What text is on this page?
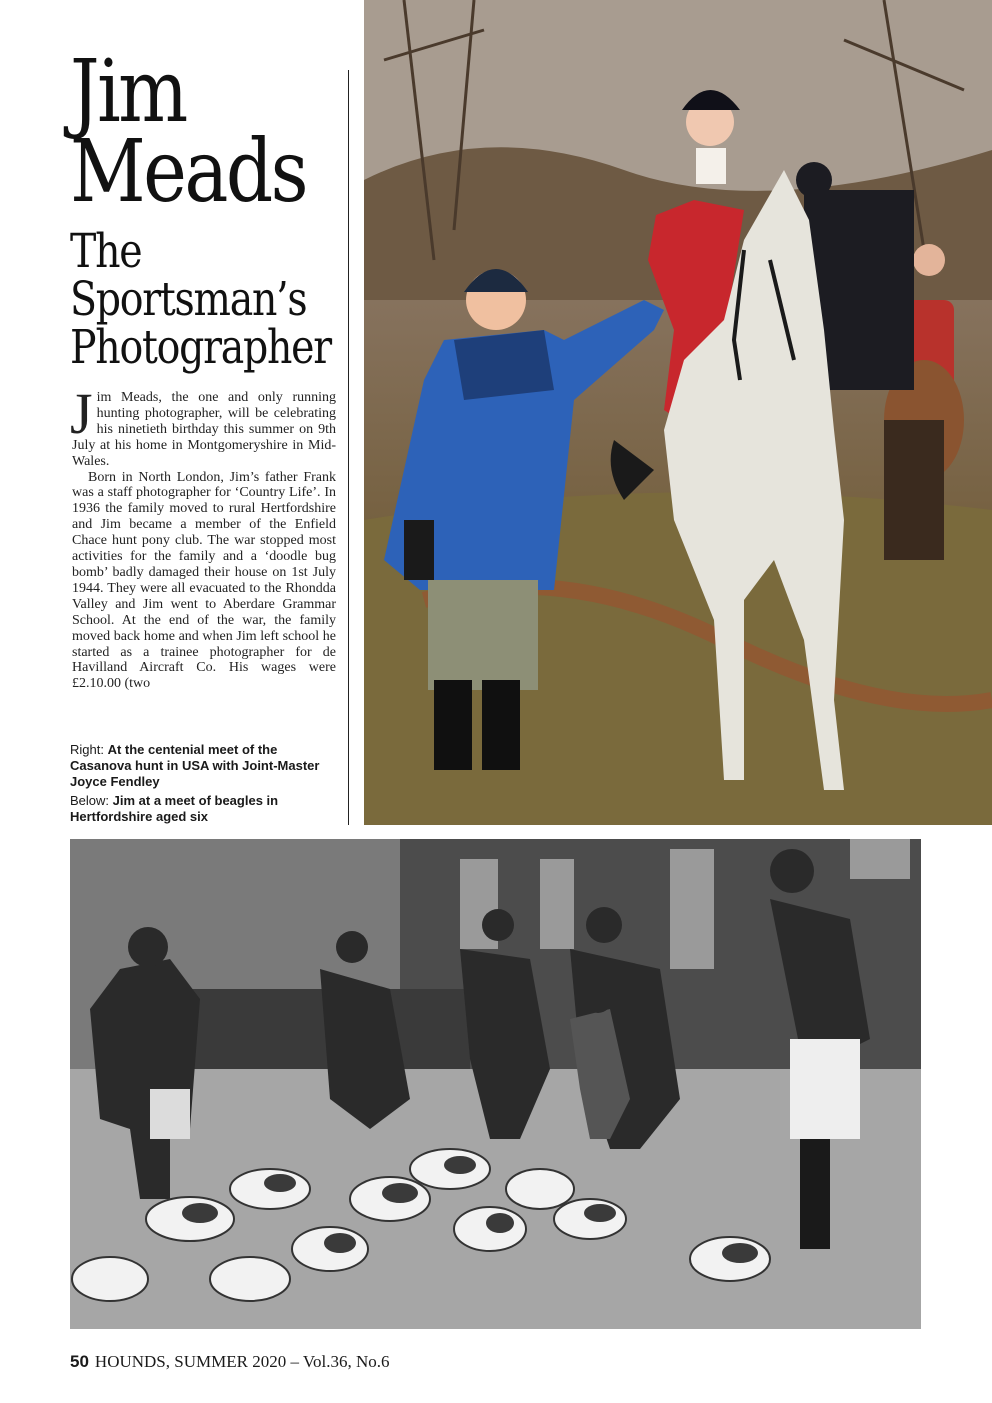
Jim
Meads
The
Sportsman’s
Photographer

J im Meads, the one and only running hunting photographer, will be celebrating his ninetieth birthday this summer on 9th July at his home in Montgomeryshire in Mid-Wales.

Born in North London, Jim’s father Frank was a staff photographer for ‘Country Life’. In 1936 the family moved to rural Hertfordshire and Jim became a member of the Enfield Chace hunt pony club. The war stopped most activities for the family and a ‘doodle bug bomb’ badly damaged their house on 1st July 1944. They were all evacuated to the Rhondda Valley and Jim went to Aberdare Grammar School. At the end of the war, the family moved back home and when Jim left school he started as a trainee photographer for de Havilland Aircraft Co. His wages were £2.10.00 (two

Right: At the centenial meet of the Casanova hunt in USA with Joint-Master Joyce Fendley

Below: Jim at a meet of beagles in Hertfordshire aged six

50 HOUNDS, SUMMER 2020 – Vol.36, No.6
